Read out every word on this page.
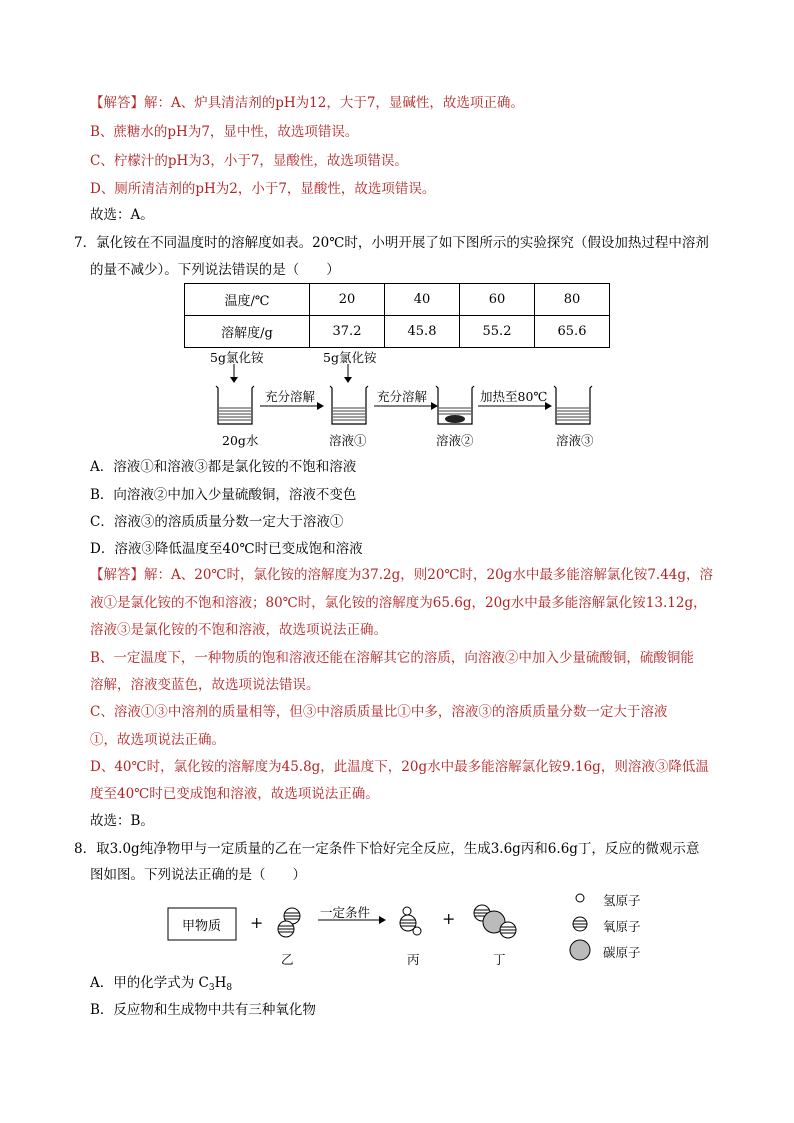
【解答】解：A、炉具清洁剂的pH为12，大于7，显碱性，故选项正确。
B、蔗糖水的pH为7，显中性，故选项错误。
C、柠檬汁的pH为3，小于7，显酸性，故选项错误。
D、厕所清洁剂的pH为2，小于7，显酸性，故选项错误。
故选：A。
7．氯化铵在不同温度时的溶解度如表。20℃时，小明开展了如下图所示的实验探究（假设加热过程中溶剂
的量不减少）。下列说法错误的是（　　）
温度/℃	20	40	60	80
溶解度/g	37.2	45.8	55.2	65.6
5g氯化铵	5g氯化铵
充分溶解	充分溶解	加热至80℃
20g水	溶液①	溶液②	溶液③
A．溶液①和溶液③都是氯化铵的不饱和溶液
B．向溶液②中加入少量硫酸铜，溶液不变色
C．溶液③的溶质质量分数一定大于溶液①
D．溶液③降低温度至40℃时已变成饱和溶液
【解答】解：A、20℃时，氯化铵的溶解度为37.2g，则20℃时，20g水中最多能溶解氯化铵7.44g，溶
液①是氯化铵的不饱和溶液；80℃时，氯化铵的溶解度为65.6g，20g水中最多能溶解氯化铵13.12g，
溶液③是氯化铵的不饱和溶液，故选项说法正确。
B、一定温度下，一种物质的饱和溶液还能在溶解其它的溶质，向溶液②中加入少量硫酸铜，硫酸铜能
溶解，溶液变蓝色，故选项说法错误。
C、溶液①③中溶剂的质量相等，但③中溶质质量比①中多，溶液③的溶质质量分数一定大于溶液
①，故选项说法正确。
D、40℃时，氯化铵的溶解度为45.8g，此温度下，20g水中最多能溶解氯化铵9.16g，则溶液③降低温
度至40℃时已变成饱和溶液，故选项说法正确。
故选：B。
8．取3.0g纯净物甲与一定质量的乙在一定条件下恰好完全反应，生成3.6g丙和6.6g丁，反应的微观示意
图如图。下列说法正确的是（　　）
甲物质 +	+
一定条件
乙	丙	丁
氢原子
氧原子
碳原子
A．甲的化学式为 $C_3H_8$
B．反应物和生成物中共有三种氧化物
